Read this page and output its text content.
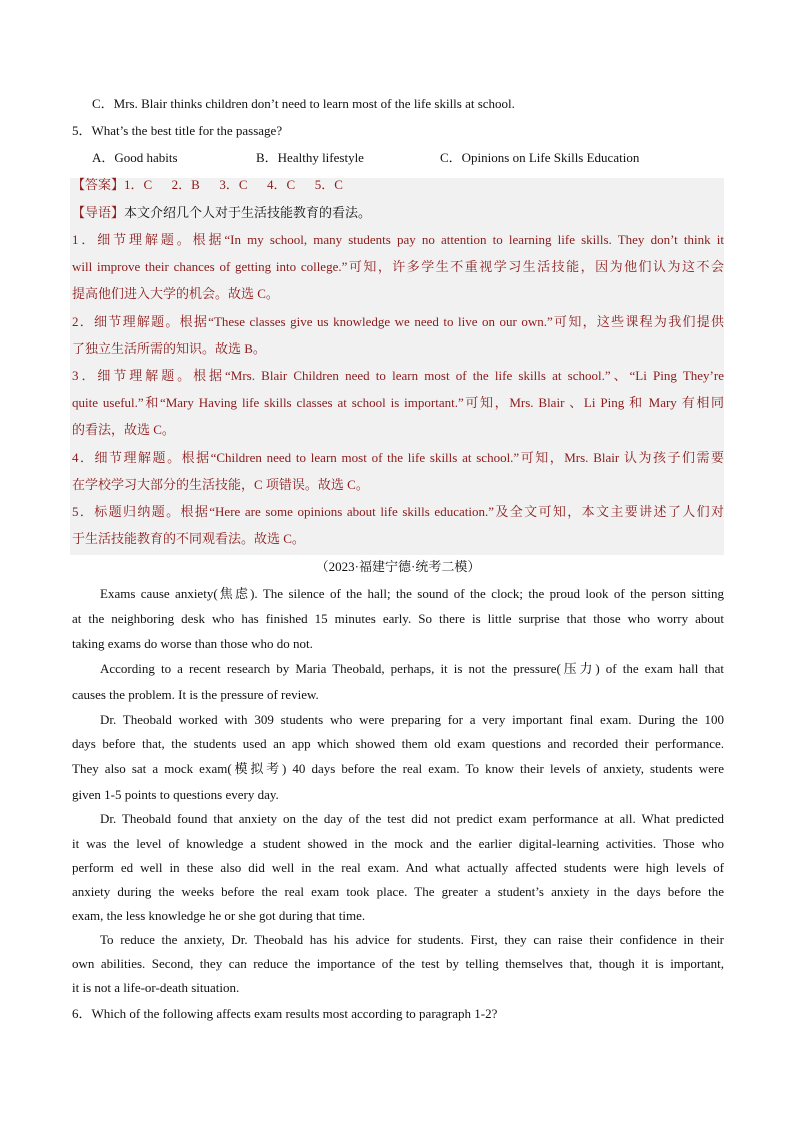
C．Mrs. Blair thinks children don’t need to learn most of the life skills at school.
5．What’s the best title for the passage?
A．Good habits	B．Healthy lifestyle	C．Opinions on Life Skills Education
【答案】1．C      2．B      3．C      4．C      5．C
【导语】本文介绍几个人对于生活技能教育的看法。
1．细节理解题。根据“In my school, many students pay no attention to learning life skills. They don’t think it
will improve their chances of getting into college.”可知，许多学生不重视学习生活技能，因为他们认为这不会
提高他们进入大学的机会。故选 C。
2．细节理解题。根据“These classes give us knowledge we need to live on our own.”可知，这些课程为我们提供
了独立生活所需的知识。故选 B。
3．细节理解题。根据“Mrs. Blair Children need to learn most of the life skills at school.”、“Li Ping They’re
quite useful.”和“Mary Having life skills classes at school is important.”可知，Mrs. Blair 、Li Ping 和 Mary 有相同
的看法，故选 C。
4．细节理解题。根据“Children need to learn most of the life skills at school.”可知，Mrs. Blair 认为孩子们需要
在学校学习大部分的生活技能，C 项错误。故选 C。
5．标题归纳题。根据“Here are some opinions about life skills education.”及全文可知，本文主要讲述了人们对
于生活技能教育的不同观看法。故选 C。
（2023·福建宁德·统考二模）
Exams cause anxiety(焦虑). The silence of the hall; the sound of the clock; the proud look of the person sitting
at the neighboring desk who has finished 15 minutes early. So there is little surprise that those who worry about
taking exams do worse than those who do not.
According to a recent research by Maria Theobald, perhaps, it is not the pressure(压力) of the exam hall that
causes the problem. It is the pressure of review.
Dr. Theobald worked with 309 students who were preparing for a very important final exam. During the 100
days before that, the students used an app which showed them old exam questions and recorded their performance.
They also sat a mock exam(模拟考) 40 days before the real exam. To know their levels of anxiety, students were
given 1-5 points to questions every day.
Dr. Theobald found that anxiety on the day of the test did not predict exam performance at all. What predicted
it was the level of knowledge a student showed in the mock and the earlier digital-learning activities. Those who
perform ed well in these also did well in the real exam. And what actually affected students were high levels of
anxiety during the weeks before the real exam took place. The greater a student’s anxiety in the days before the
exam, the less knowledge he or she got during that time.
To reduce the anxiety, Dr. Theobald has his advice for students. First, they can raise their confidence in their
own abilities. Second, they can reduce the importance of the test by telling themselves that, though it is important,
it is not a life-or-death situation.
6．Which of the following affects exam results most according to paragraph 1-2?
